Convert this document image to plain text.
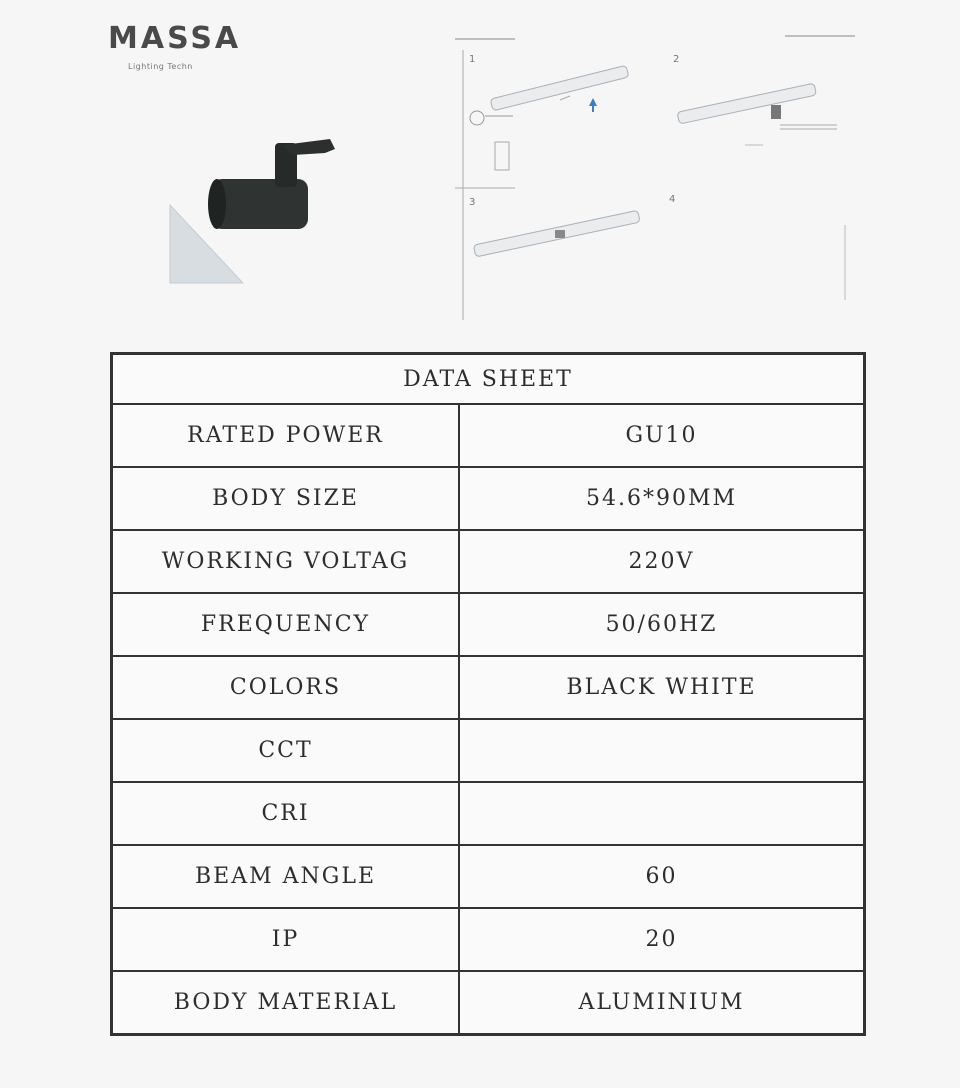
MASSA
Lighting Techn
1	2
3	4
DATA SHEET	
RATED POWER	GU10
BODY SIZE	54.6*90MM
WORKING VOLTAG	220V
FREQUENCY	50/60HZ
COLORS	BLACK WHITE
CCT	
CRI	
BEAM ANGLE	60
IP	20
BODY MATERIAL	ALUMINIUM
